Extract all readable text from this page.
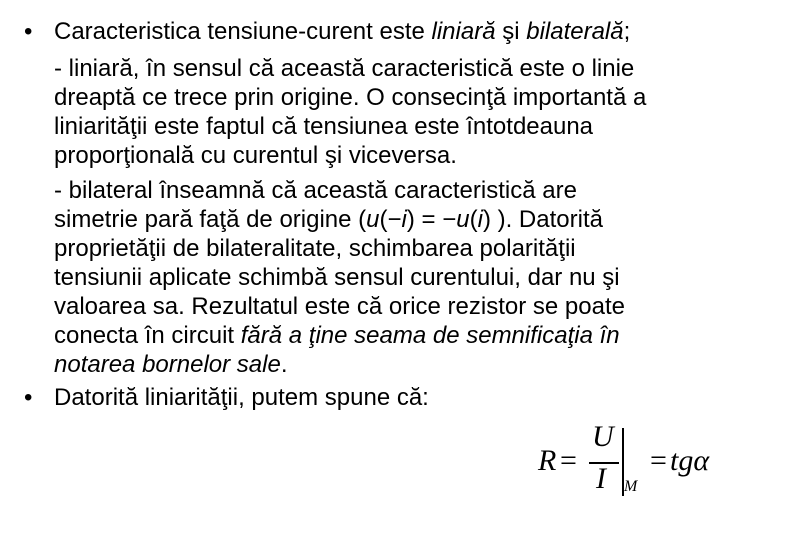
• Caracteristica tensiune-curent este liniară şi bilaterală;
- liniară, în sensul că această caracteristică este o linie
dreaptă ce trece prin origine. O consecinţă importantă a
liniarităţii este faptul că tensiunea este întotdeauna
proporţională cu curentul şi viceversa.
- bilateral înseamnă că această caracteristică are
simetrie pară faţă de origine (u(−i) = −u(i) ). Datorită
proprietăţii de bilateralitate, schimbarea polarităţii
tensiunii aplicate schimbă sensul curentului, dar nu şi
valoarea sa. Rezultatul este că orice rezistor se poate
conecta în circuit fără a ţine seama de semnificaţia în
notarea bornelor sale.
• Datorită liniarităţii, putem spune că:
R =
U
I M
= tgα
